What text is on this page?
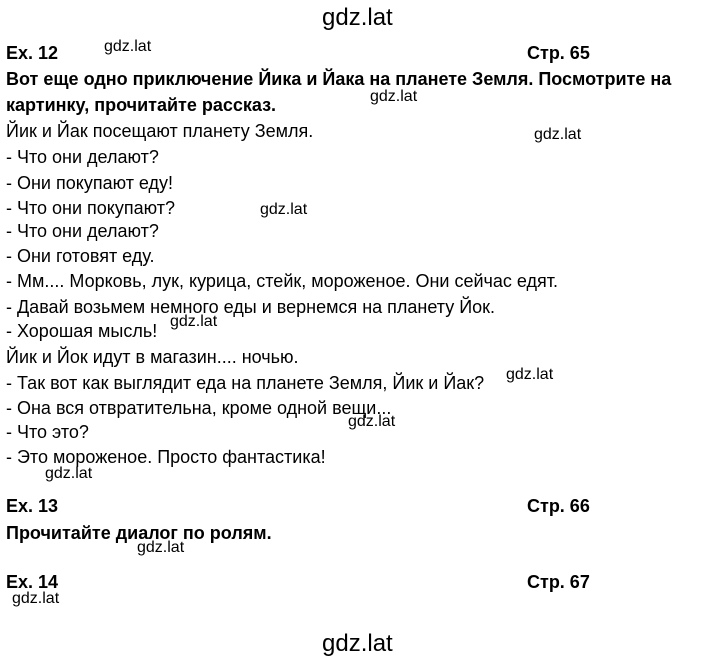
gdz.lat
Ex. 12	gdz.lat	Стр. 65
Вот еще одно приключение Йика и Йака на планете Земля. Посмотрите на
картинку, прочитайте рассказ.	gdz.lat
Йик и Йак посещают планету Земля.	gdz.lat
- Что они делают?
- Они покупают еду!
- Что они покупают?	gdz.lat
- Что они делают?
- Они готовят еду.
- Мм.... Морковь, лук, курица, стейк, мороженое. Они сейчас едят.
- Давай возьмем немного еды и вернемся на планету Йок.
- Хорошая мысль! gdz.lat
Йик и Йок идут в магазин.... ночью.
- Так вот как выглядит еда на планете Земля, Йик и Йак? gdz.lat
- Она вся отвратительна, кроме одной вещи...
- Что это?
gdz.lat
- Это мороженое. Просто фантастика!
gdz.lat
Ex. 13	Стр. 66
Прочитайте диалог по ролям.
gdz.lat
Ex. 14	Стр. 67
gdz.lat
gdz.lat
